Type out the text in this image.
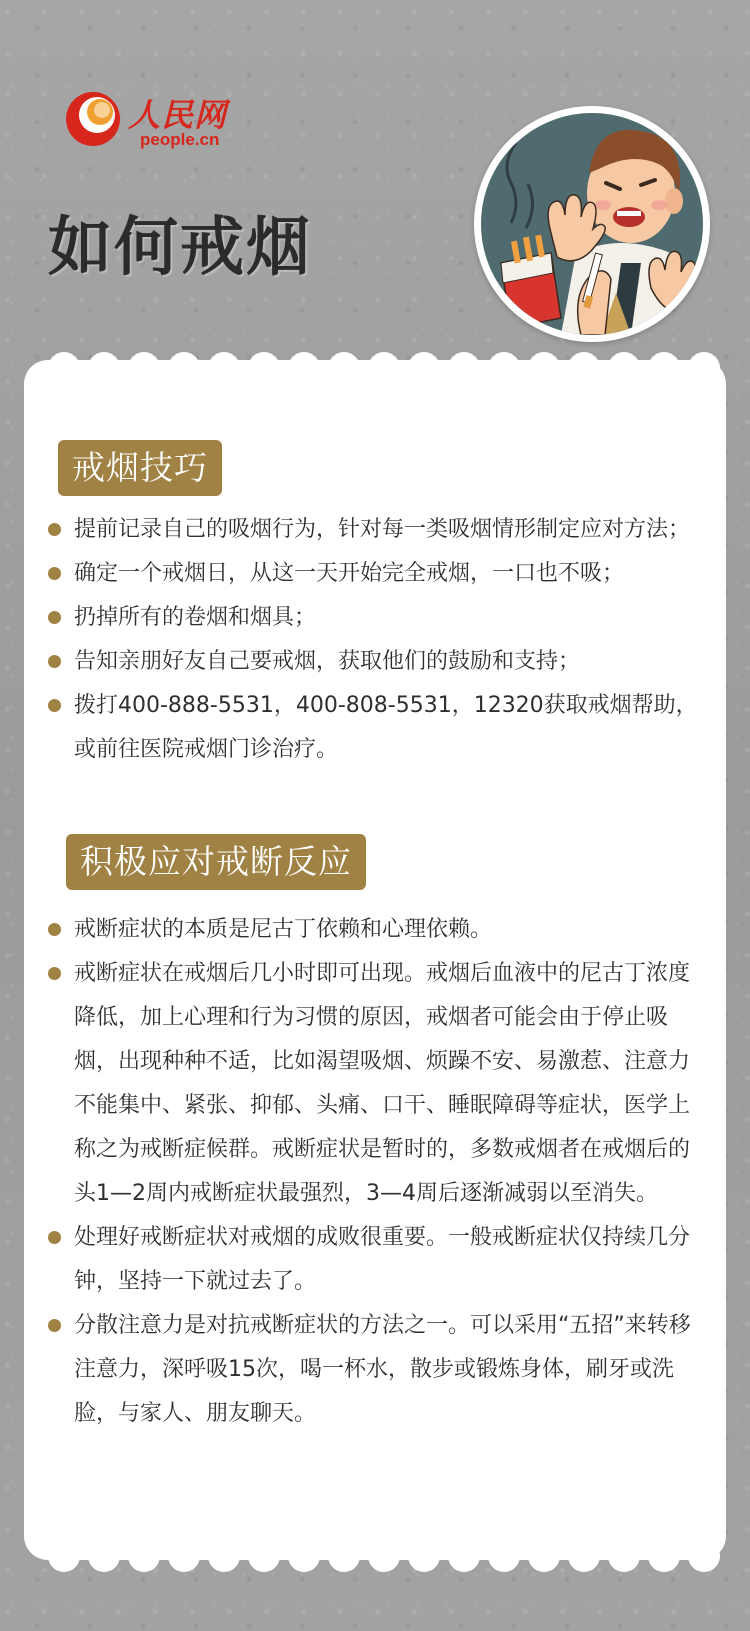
人民网
people.cn
如何戒烟
戒烟技巧
提前记录自己的吸烟行为，针对每一类吸烟情形制定应对方法；
确定一个戒烟日，从这一天开始完全戒烟，一口也不吸；
扔掉所有的卷烟和烟具；
告知亲朋好友自己要戒烟，获取他们的鼓励和支持；
拨打400-888-5531，400-808-5531，12320获取戒烟帮助，或前往医院戒烟门诊治疗。
积极应对戒断反应
戒断症状的本质是尼古丁依赖和心理依赖。
戒断症状在戒烟后几小时即可出现。戒烟后血液中的尼古丁浓度降低，加上心理和行为习惯的原因，戒烟者可能会由于停止吸烟，出现种种不适，比如渴望吸烟、烦躁不安、易激惹、注意力不能集中、紧张、抑郁、头痛、口干、睡眠障碍等症状，医学上称之为戒断症候群。戒断症状是暂时的，多数戒烟者在戒烟后的头1—2周内戒断症状最强烈，3—4周后逐渐减弱以至消失。
处理好戒断症状对戒烟的成败很重要。一般戒断症状仅持续几分钟，坚持一下就过去了。
分散注意力是对抗戒断症状的方法之一。可以采用“五招”来转移注意力，深呼吸15次，喝一杯水，散步或锻炼身体，刷牙或洗脸，与家人、朋友聊天。
